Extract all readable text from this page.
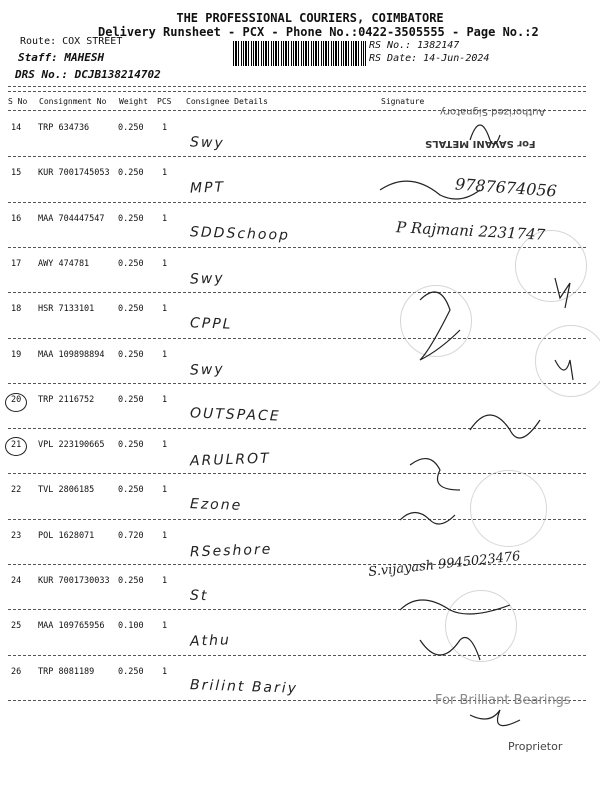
THE PROFESSIONAL COURIERS, COIMBATORE
Delivery Runsheet - PCX - Phone No.:0422-3505555 - Page No.:2
Route: COX STREET
Staff: MAHESH
DRS No.: DCJB138214702
RS No.: 1382147
RS Date: 14-Jun-2024
S No Consignment No Weight PCS Consignee Details	Signature
14 TRP 634736	0.250 1
Swy
15 KUR 7001745053 0.250 1
MPT
16 MAA 704447547 0.250 1
SDDSchoop
17 AWY 474781	0.250 1
Swy
18 HSR 7133101	0.250 1
CPPL
19 MAA 109898894 0.250 1
Swy
20 TRP 2116752	0.250 1
OUTSPACE
21 VPL 223190665 0.250 1
ARULROT
22 TVL 2806185	0.250 1
Ezone
23 POL 1628071	0.720 1
RSeshore
24 KUR 7001730033 0.250 1
St
25 MAA 109765956 0.100 1
Athu
26 TRP 8081189	0.250 1
Brilint Bariy
For SAVANI METALS
Authorized Signatory
For Brilliant Bearings
Proprietor
9787674056
P Rajmani 2231747
S.vijayash 9945023476
